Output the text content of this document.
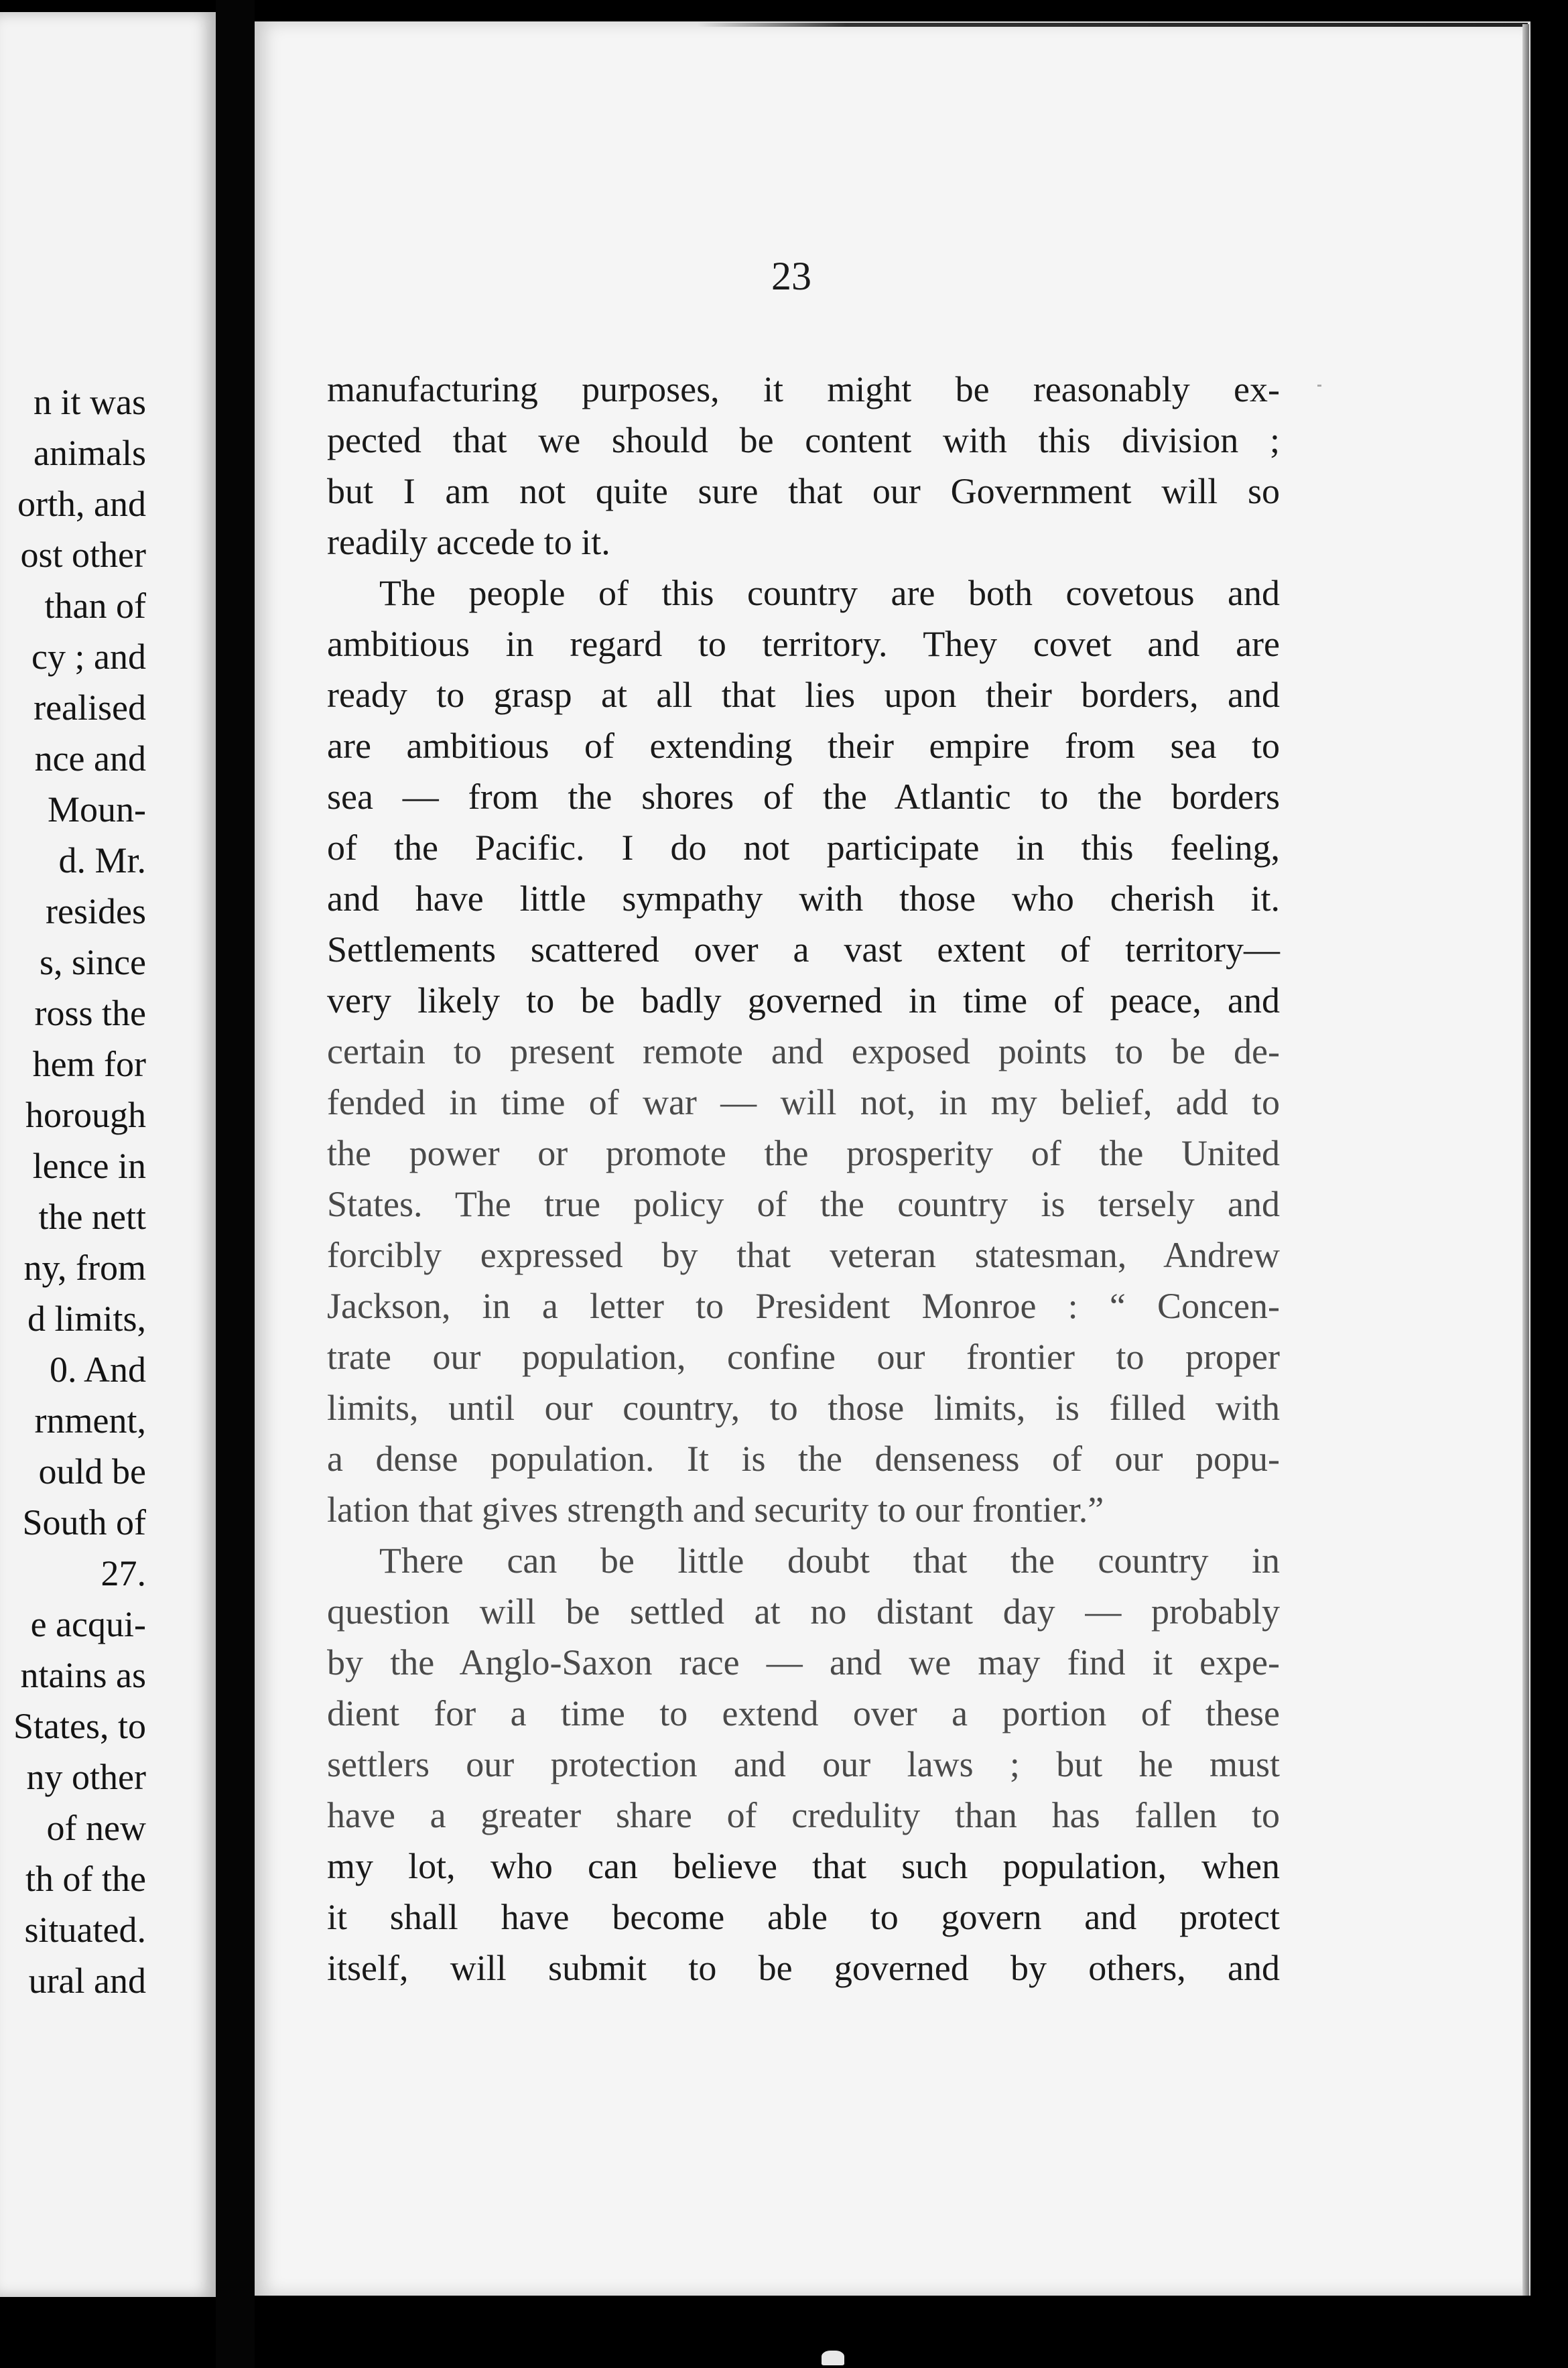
n it was
animals
orth, and
ost other
than of
cy ; and
realised
nce and
Moun-
d. Mr.
resides
s, since
ross the
hem for
horough
lence in
the nett
ny, from
d limits,
0. And
rnment,
ould be
South of
27.
e acqui-
ntains as
States, to
ny other
of new
th of the
situated.
ural and
23
manufacturing purposes, it might be reasonably ex-
pected that we should be content with this division ;
but I am not quite sure that our Government will so
readily accede to it.
The people of this country are both covetous and
ambitious in regard to territory. They covet and are
ready to grasp at all that lies upon their borders, and
are ambitious of extending their empire from sea to
sea — from the shores of the Atlantic to the borders
of the Pacific. I do not participate in this feeling,
and have little sympathy with those who cherish it.
Settlements scattered over a vast extent of territory—
very likely to be badly governed in time of peace, and
certain to present remote and exposed points to be de-
fended in time of war — will not, in my belief, add to
the power or promote the prosperity of the United
States. The true policy of the country is tersely and
forcibly expressed by that veteran statesman, Andrew
Jackson, in a letter to President Monroe : “ Concen-
trate our population, confine our frontier to proper
limits, until our country, to those limits, is filled with
a dense population. It is the denseness of our popu-
lation that gives strength and security to our frontier.”
There can be little doubt that the country in
question will be settled at no distant day — probably
by the Anglo-Saxon race — and we may find it expe-
dient for a time to extend over a portion of these
settlers our protection and our laws ; but he must
have a greater share of credulity than has fallen to
my lot, who can believe that such population, when
it shall have become able to govern and protect
itself, will submit to be governed by others, and
